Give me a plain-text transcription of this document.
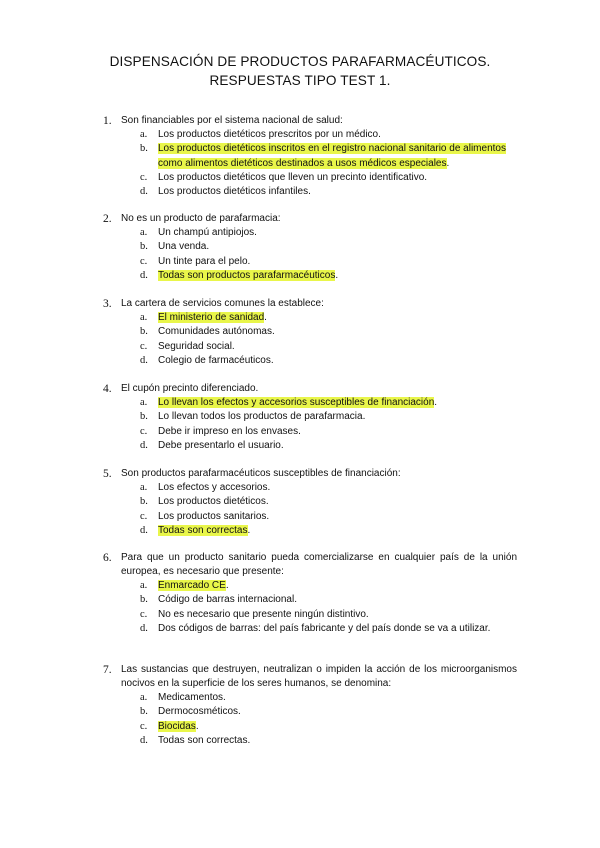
DISPENSACIÓN DE PRODUCTOS PARAFARMACÉUTICOS.
RESPUESTAS TIPO TEST 1.
1. Son financiables por el sistema nacional de salud:
a. Los productos dietéticos prescritos por un médico.
b. Los productos dietéticos inscritos en el registro nacional sanitario de alimentos como alimentos dietéticos destinados a usos médicos especiales.
c. Los productos dietéticos que lleven un precinto identificativo.
d. Los productos dietéticos infantiles.
2. No es un producto de parafarmacia:
a. Un champú antipiojos.
b. Una venda.
c. Un tinte para el pelo.
d. Todas son productos parafarmacéuticos.
3. La cartera de servicios comunes la establece:
a. El ministerio de sanidad.
b. Comunidades autónomas.
c. Seguridad social.
d. Colegio de farmacéuticos.
4. El cupón precinto diferenciado.
a. Lo llevan los efectos y accesorios susceptibles de financiación.
b. Lo llevan todos los productos de parafarmacia.
c. Debe ir impreso en los envases.
d. Debe presentarlo el usuario.
5. Son productos parafarmacéuticos susceptibles de financiación:
a. Los efectos y accesorios.
b. Los productos dietéticos.
c. Los productos sanitarios.
d. Todas son correctas.
6. Para que un producto sanitario pueda comercializarse en cualquier país de la unión europea, es necesario que presente:
a. Enmarcado CE.
b. Código de barras internacional.
c. No es necesario que presente ningún distintivo.
d. Dos códigos de barras: del país fabricante y del país donde se va a utilizar.
7. Las sustancias que destruyen, neutralizan o impiden la acción de los microorganismos nocivos en la superficie de los seres humanos, se denomina:
a. Medicamentos.
b. Dermocosméticos.
c. Biocidas.
d. Todas son correctas.
